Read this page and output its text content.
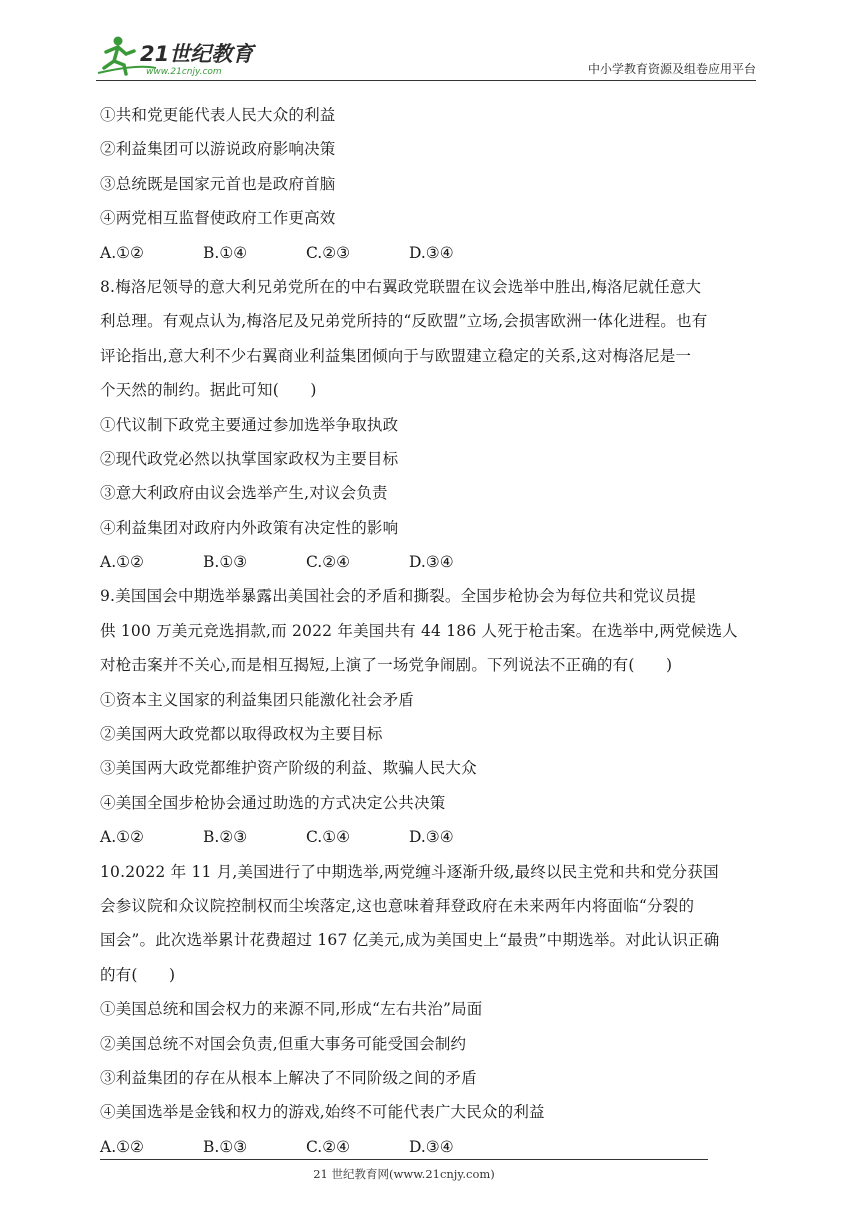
21世纪教育
www.21cnjy.com	中小学教育资源及组卷应用平台
①共和党更能代表人民大众的利益
②利益集团可以游说政府影响决策
③总统既是国家元首也是政府首脑
④两党相互监督使政府工作更高效
A.①②	B.①④	C.②③	D.③④
8.梅洛尼领导的意大利兄弟党所在的中右翼政党联盟在议会选举中胜出,梅洛尼就任意大
利总理。有观点认为,梅洛尼及兄弟党所持的“反欧盟”立场,会损害欧洲一体化进程。也有
评论指出,意大利不少右翼商业利益集团倾向于与欧盟建立稳定的关系,这对梅洛尼是一
个天然的制约。据此可知(　　)
①代议制下政党主要通过参加选举争取执政
②现代政党必然以执掌国家政权为主要目标
③意大利政府由议会选举产生,对议会负责
④利益集团对政府内外政策有决定性的影响
A.①②	B.①③	C.②④	D.③④
9.美国国会中期选举暴露出美国社会的矛盾和撕裂。全国步枪协会为每位共和党议员提
供 100 万美元竞选捐款,而 2022 年美国共有 44 186 人死于枪击案。在选举中,两党候选人
对枪击案并不关心,而是相互揭短,上演了一场党争闹剧。下列说法不正确的有(　　)
①资本主义国家的利益集团只能激化社会矛盾
②美国两大政党都以取得政权为主要目标
③美国两大政党都维护资产阶级的利益、欺骗人民大众
④美国全国步枪协会通过助选的方式决定公共决策
A.①②	B.②③	C.①④	D.③④
10.2022 年 11 月,美国进行了中期选举,两党缠斗逐渐升级,最终以民主党和共和党分获国
会参议院和众议院控制权而尘埃落定,这也意味着拜登政府在未来两年内将面临“分裂的
国会”。此次选举累计花费超过 167 亿美元,成为美国史上“最贵”中期选举。对此认识正确
的有(　　)
①美国总统和国会权力的来源不同,形成“左右共治”局面
②美国总统不对国会负责,但重大事务可能受国会制约
③利益集团的存在从根本上解决了不同阶级之间的矛盾
④美国选举是金钱和权力的游戏,始终不可能代表广大民众的利益
A.①②	B.①③	C.②④	D.③④
21 世纪教育网(www.21cnjy.com)
